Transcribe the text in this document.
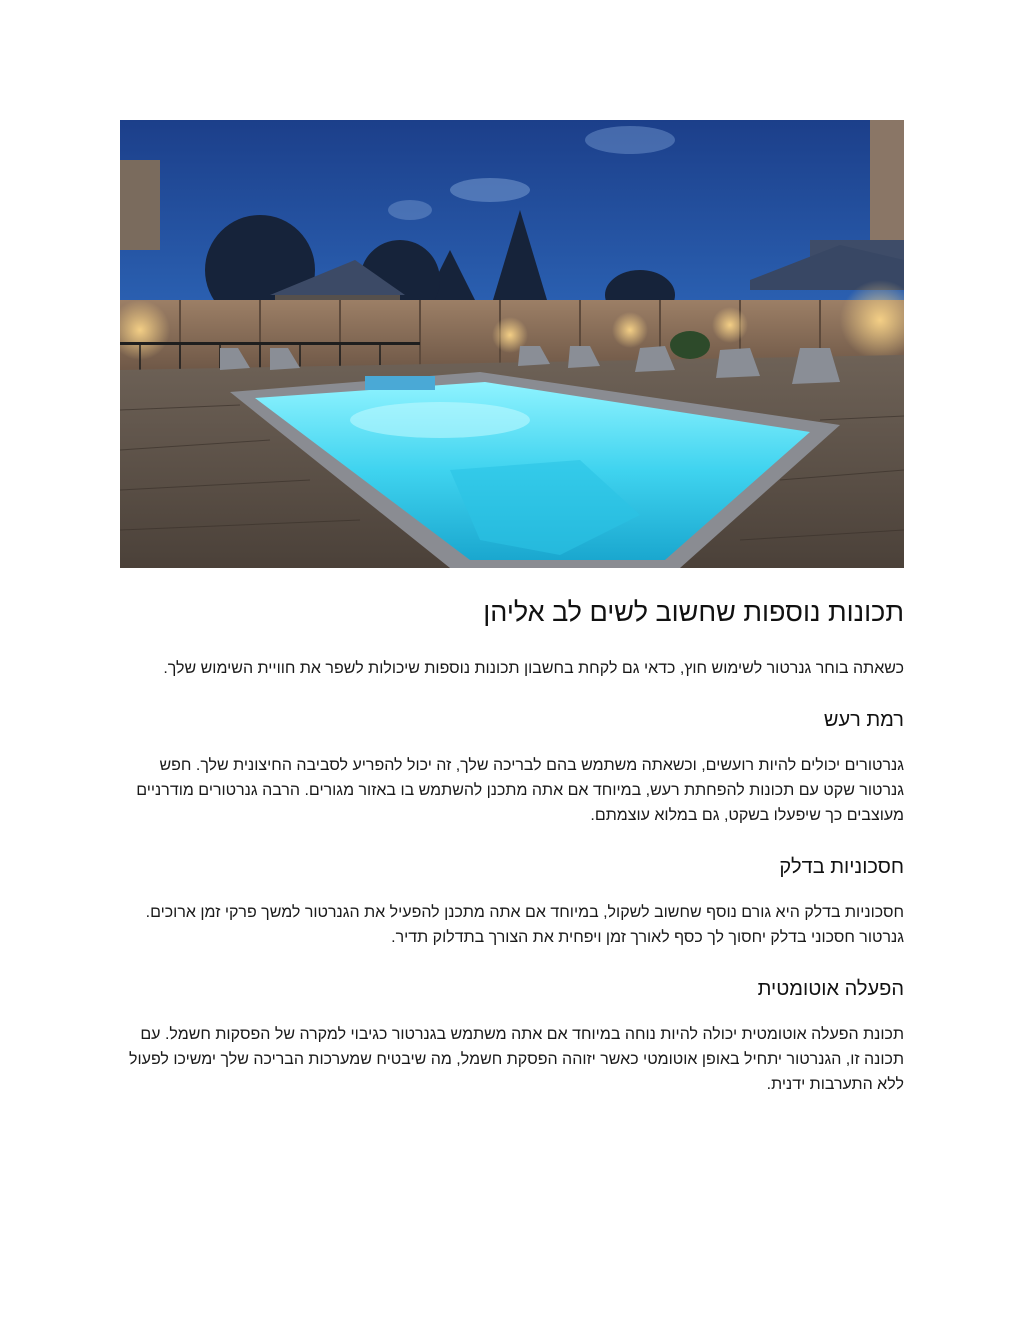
תכונות נוספות שחשוב לשים לב אליהן

כשאתה בוחר גנרטור לשימוש חוץ, כדאי גם לקחת בחשבון תכונות נוספות שיכולות לשפר את חוויית השימוש שלך.

רמת רעש

גנרטורים יכולים להיות רועשים, וכשאתה משתמש בהם לבריכה שלך, זה יכול להפריע לסביבה החיצונית שלך. חפש גנרטור שקט עם תכונות להפחתת רעש, במיוחד אם אתה מתכנן להשתמש בו באזור מגורים. הרבה גנרטורים מודרניים מעוצבים כך שיפעלו בשקט, גם במלוא עוצמתם.

חסכוניות בדלק

חסכוניות בדלק היא גורם נוסף שחשוב לשקול, במיוחד אם אתה מתכנן להפעיל את הגנרטור למשך פרקי זמן ארוכים. גנרטור חסכוני בדלק יחסוך לך כסף לאורך זמן ויפחית את הצורך בתדלוק תדיר.

הפעלה אוטומטית

תכונת הפעלה אוטומטית יכולה להיות נוחה במיוחד אם אתה משתמש בגנרטור כגיבוי למקרה של הפסקות חשמל. עם תכונה זו, הגנרטור יתחיל באופן אוטומטי כאשר יזוהה הפסקת חשמל, מה שיבטיח שמערכות הבריכה שלך ימשיכו לפעול ללא התערבות ידנית.
